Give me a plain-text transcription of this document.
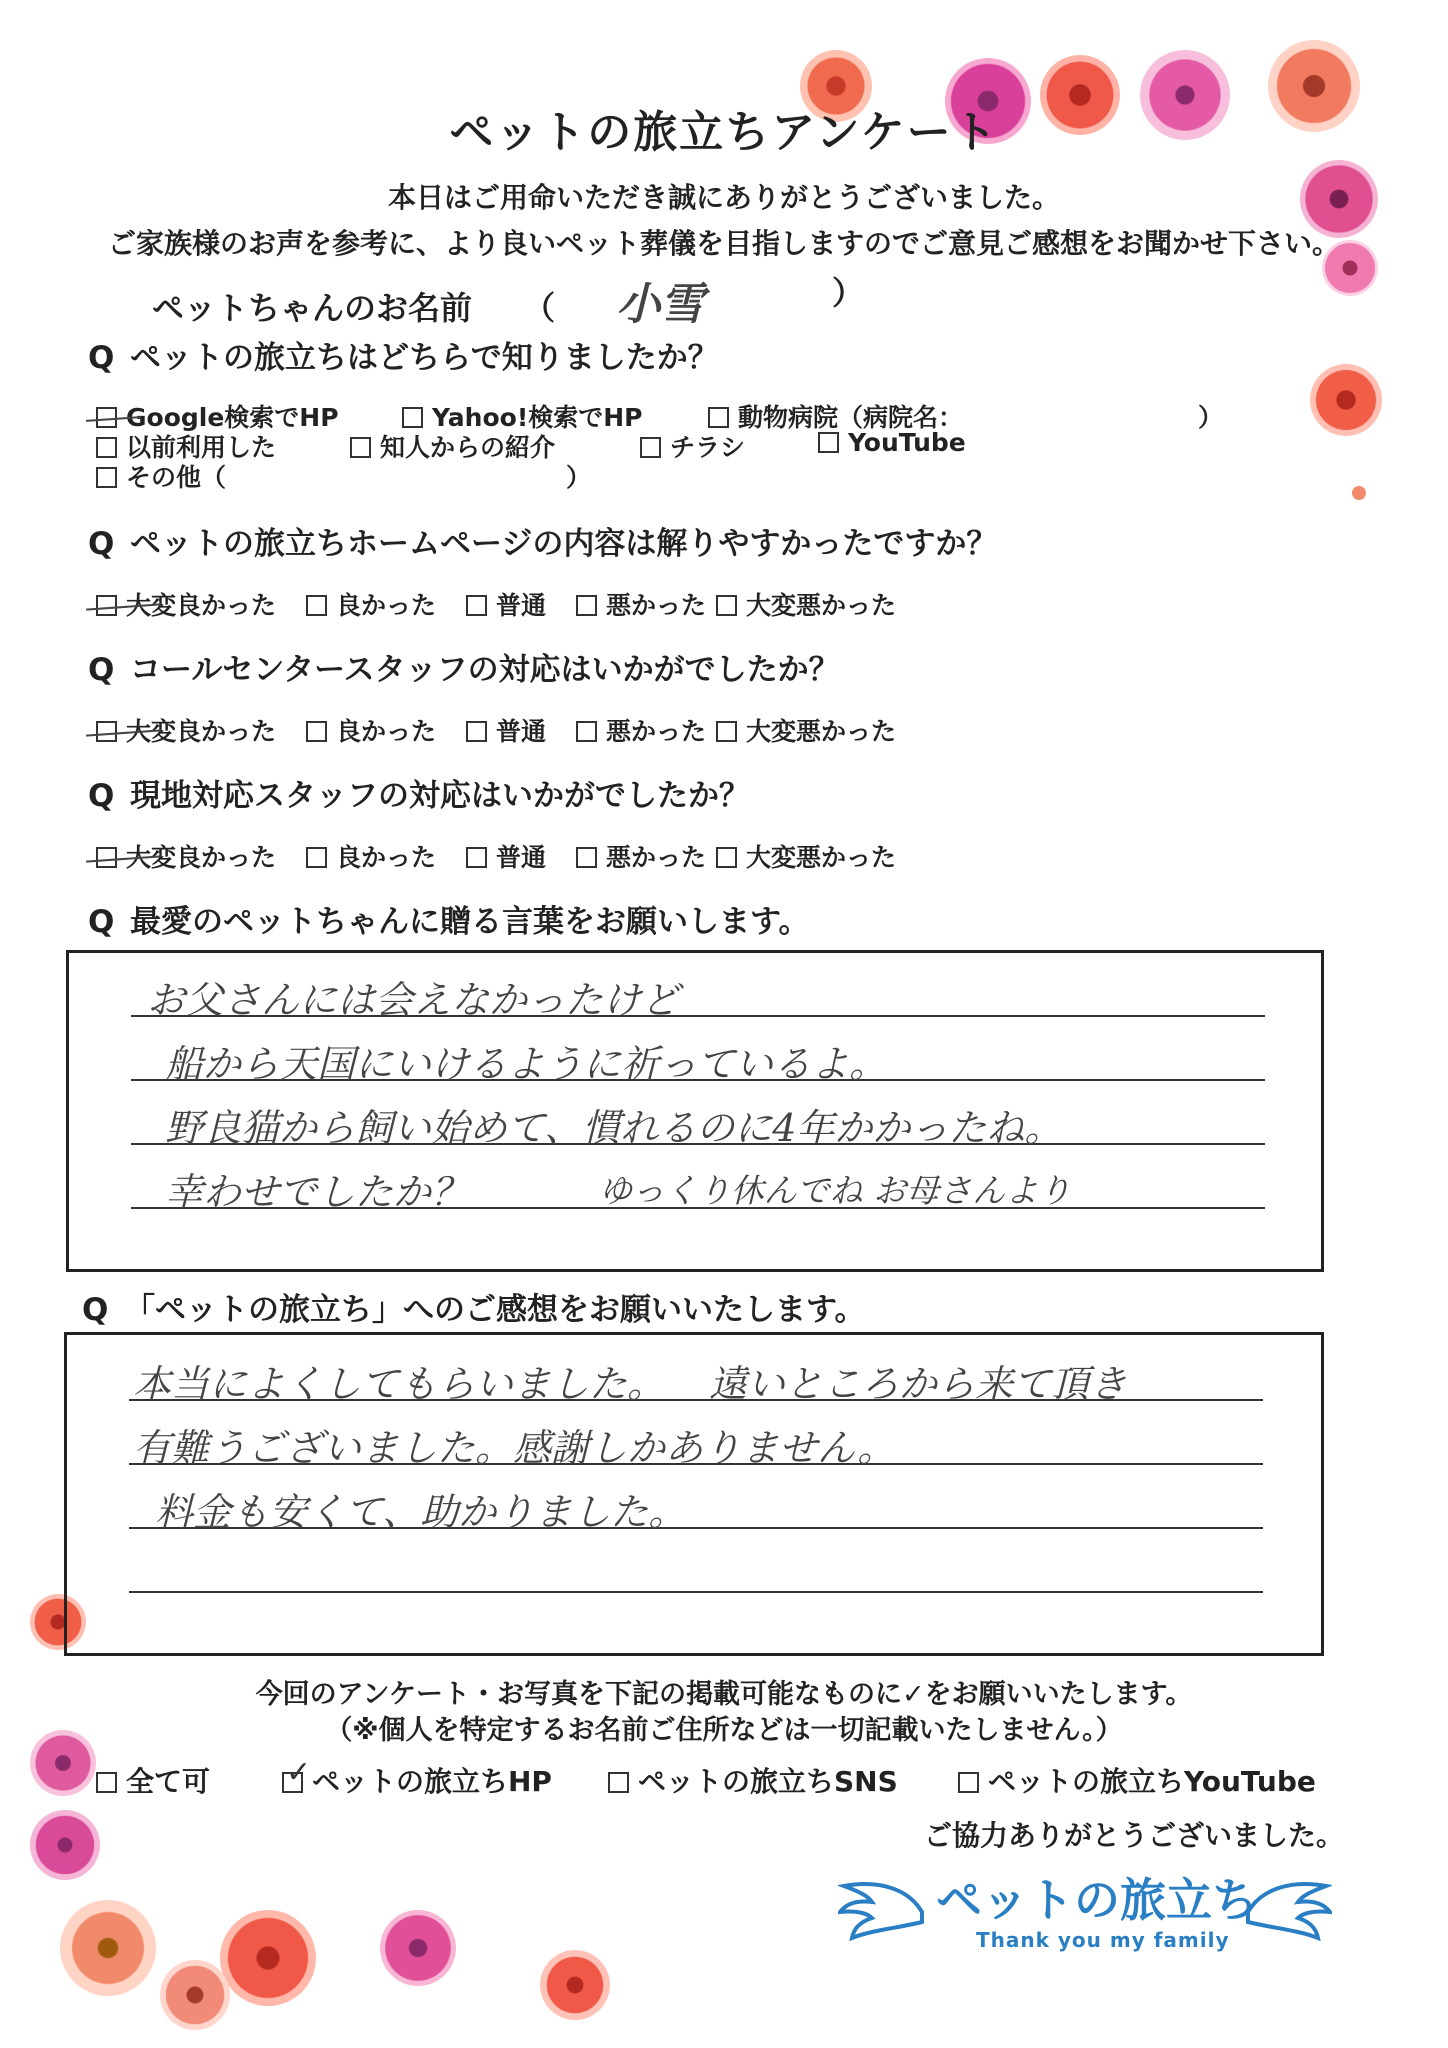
ペットの旅立ちアンケート
本日はご用命いただき誠にありがとうございました。
ご家族様のお声を参考に、より良いペット葬儀を目指しますのでご意見ご感想をお聞かせ下さい。
ペットちゃんのお名前 （ 小雪	）
Q ペットの旅立ちはどちらで知りましたか？
Google検索でHP	Yahoo!検索でHP	動物病院（病院名：	）
以前利用した	知人からの紹介	チラシ	YouTube
その他（	）
Q ペットの旅立ちホームページの内容は解りやすかったですか？
大変良かった	良かった	普通	悪かった	大変悪かった
Q コールセンタースタッフの対応はいかがでしたか？
大変良かった	良かった	普通	悪かった	大変悪かった
Q 現地対応スタッフの対応はいかがでしたか？
大変良かった	良かった	普通	悪かった	大変悪かった
Q 最愛のペットちゃんに贈る言葉をお願いします。
お父さんには会えなかったけど
船から天国にいけるように祈っているよ。
野良猫から飼い始めて、慣れるのに4年かかったね。
幸わせでしたか？	ゆっくり休んでね お母さんより
Q 「ペットの旅立ち」へのご感想をお願いいたします。
本当によくしてもらいました。 遠いところから来て頂き
有難うございました。感謝しかありません。
料金も安くて、助かりました。
今回のアンケート・お写真を下記の掲載可能なものに✓をお願いいたします。
（※個人を特定するお名前ご住所などは一切記載いたしません。）
全て可	✓ ペットの旅立ちHP	ペットの旅立ちSNS	ペットの旅立ちYouTube
ご協力ありがとうございました。
ペットの旅立ち
Thank you my family
